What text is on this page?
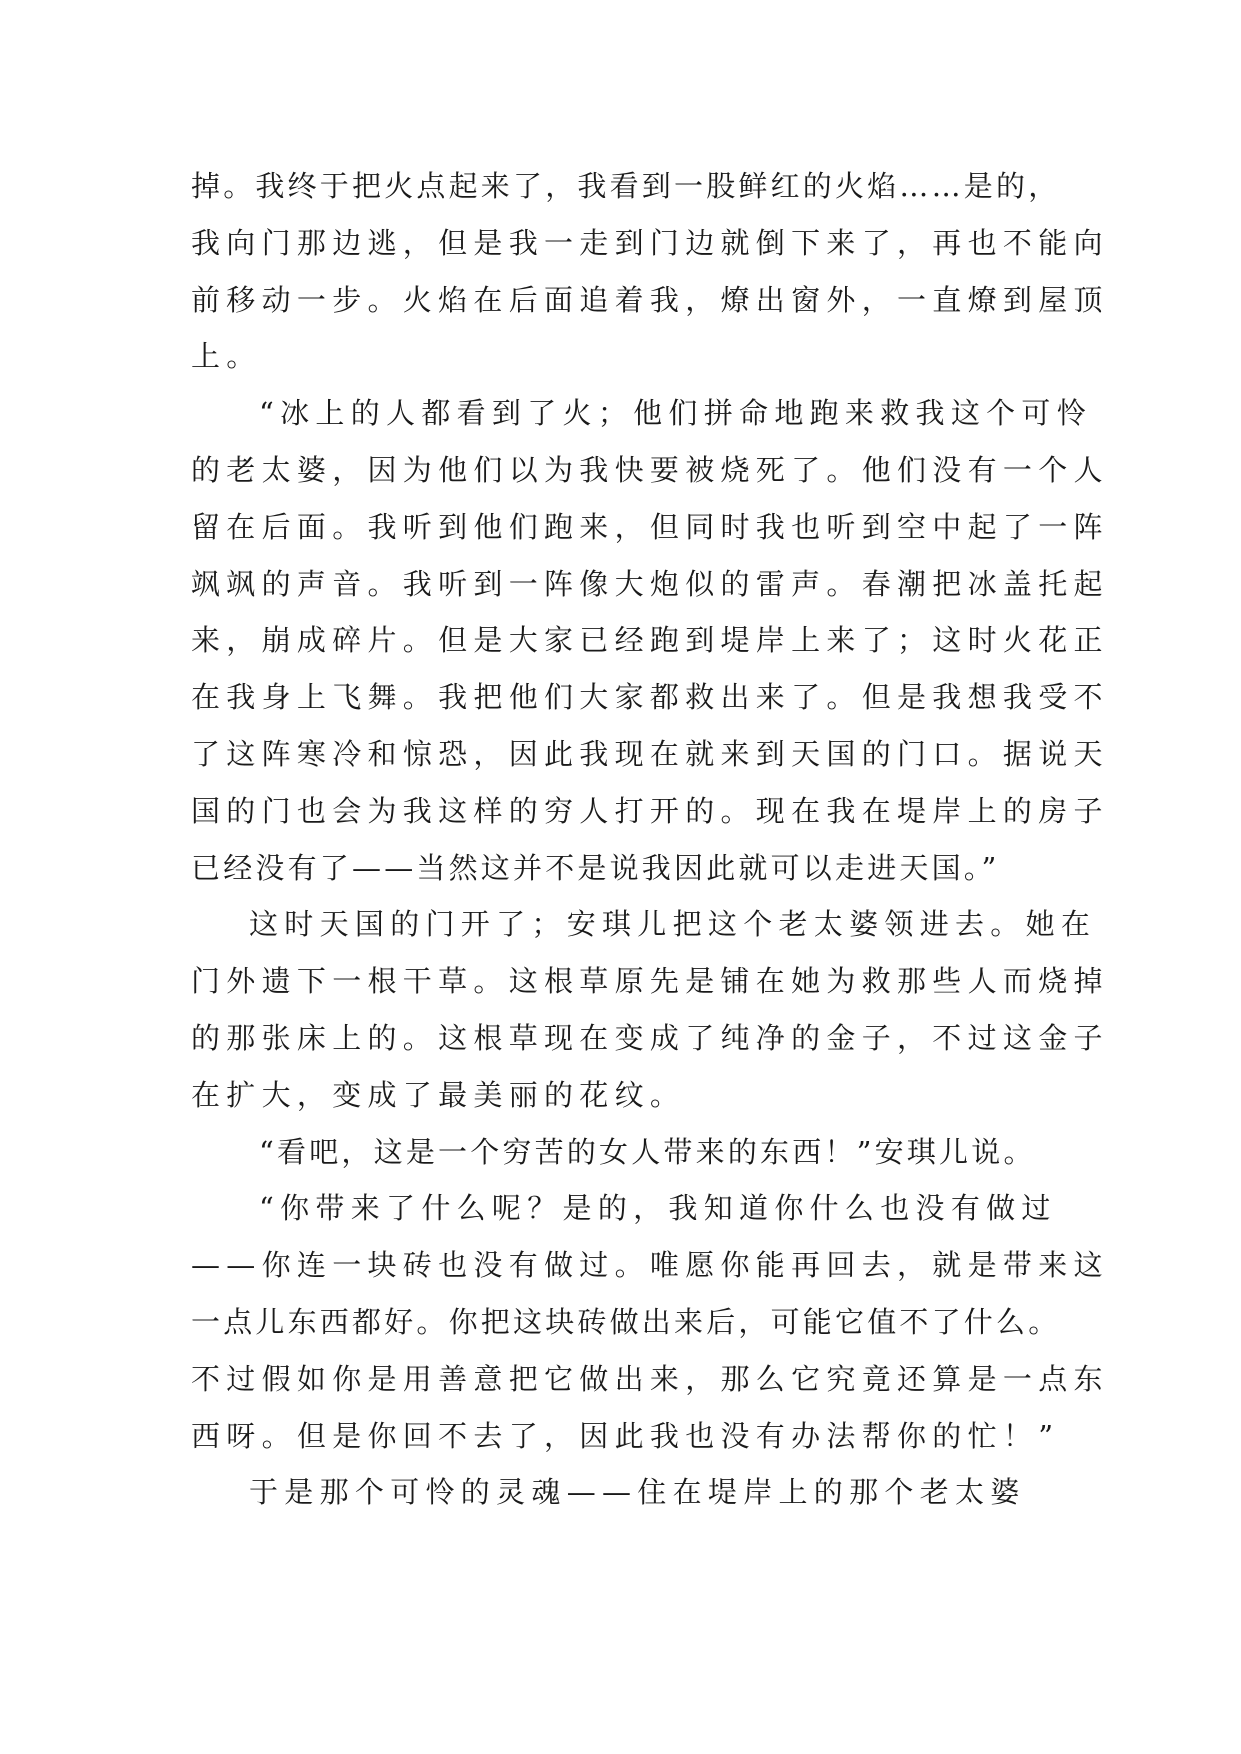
掉。我终于把火点起来了，我看到一股鲜红的火焰……是的，
我向门那边逃，但是我一走到门边就倒下来了，再也不能向
前移动一步。火焰在后面追着我，燎出窗外，一直燎到屋顶
上。
“冰上的人都看到了火；他们拼命地跑来救我这个可怜
的老太婆，因为他们以为我快要被烧死了。他们没有一个人
留在后面。我听到他们跑来，但同时我也听到空中起了一阵
飒飒的声音。我听到一阵像大炮似的雷声。春潮把冰盖托起
来，崩成碎片。但是大家已经跑到堤岸上来了；这时火花正
在我身上飞舞。我把他们大家都救出来了。但是我想我受不
了这阵寒冷和惊恐，因此我现在就来到天国的门口。据说天
国的门也会为我这样的穷人打开的。现在我在堤岸上的房子
已经没有了——当然这并不是说我因此就可以走进天国。”
这时天国的门开了；安琪儿把这个老太婆领进去。她在
门外遗下一根干草。这根草原先是铺在她为救那些人而烧掉
的那张床上的。这根草现在变成了纯净的金子，不过这金子
在扩大，变成了最美丽的花纹。
“看吧，这是一个穷苦的女人带来的东西！”安琪儿说。
“你带来了什么呢？是的，我知道你什么也没有做过
——你连一块砖也没有做过。唯愿你能再回去，就是带来这
一点儿东西都好。你把这块砖做出来后，可能它值不了什么。
不过假如你是用善意把它做出来，那么它究竟还算是一点东
西呀。但是你回不去了，因此我也没有办法帮你的忙！”
于是那个可怜的灵魂——住在堤岸上的那个老太婆
